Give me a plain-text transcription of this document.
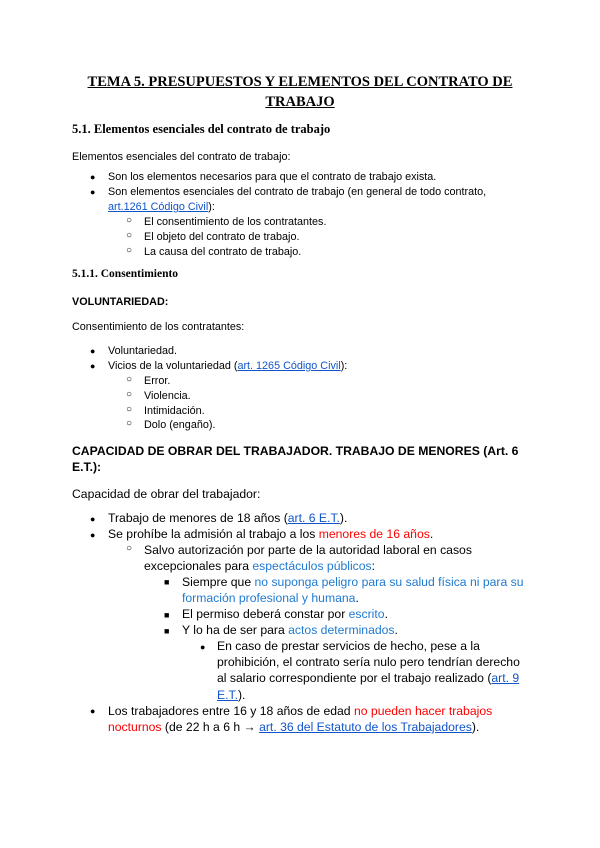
TEMA 5. PRESUPUESTOS Y ELEMENTOS DEL CONTRATO DE
TRABAJO
5.1. Elementos esenciales del contrato de trabajo
Elementos esenciales del contrato de trabajo:
● Son los elementos necesarios para que el contrato de trabajo exista.
● Son elementos esenciales del contrato de trabajo (en general de todo contrato,
art.1261 Código Civil):
○ El consentimiento de los contratantes.
○ El objeto del contrato de trabajo.
○ La causa del contrato de trabajo.
5.1.1. Consentimiento
VOLUNTARIEDAD:
Consentimiento de los contratantes:
● Voluntariedad.
● Vicios de la voluntariedad (art. 1265 Código Civil):
○ Error.
○ Violencia.
○ Intimidación.
○ Dolo (engaño).
CAPACIDAD DE OBRAR DEL TRABAJADOR. TRABAJO DE MENORES (Art. 6
E.T.):
Capacidad de obrar del trabajador:
● Trabajo de menores de 18 años (art. 6 E.T.).
● Se prohíbe la admisión al trabajo a los menores de 16 años.
○ Salvo autorización por parte de la autoridad laboral en casos
excepcionales para espectáculos públicos:
■ Siempre que no suponga peligro para su salud física ni para su
formación profesional y humana.
■ El permiso deberá constar por escrito.
■ Y lo ha de ser para actos determinados.
● En caso de prestar servicios de hecho, pese a la
prohibición, el contrato sería nulo pero tendrían derecho
al salario correspondiente por el trabajo realizado (art. 9
E.T.).
● Los trabajadores entre 16 y 18 años de edad no pueden hacer trabajos
nocturnos (de 22 h a 6 h → art. 36 del Estatuto de los Trabajadores).
